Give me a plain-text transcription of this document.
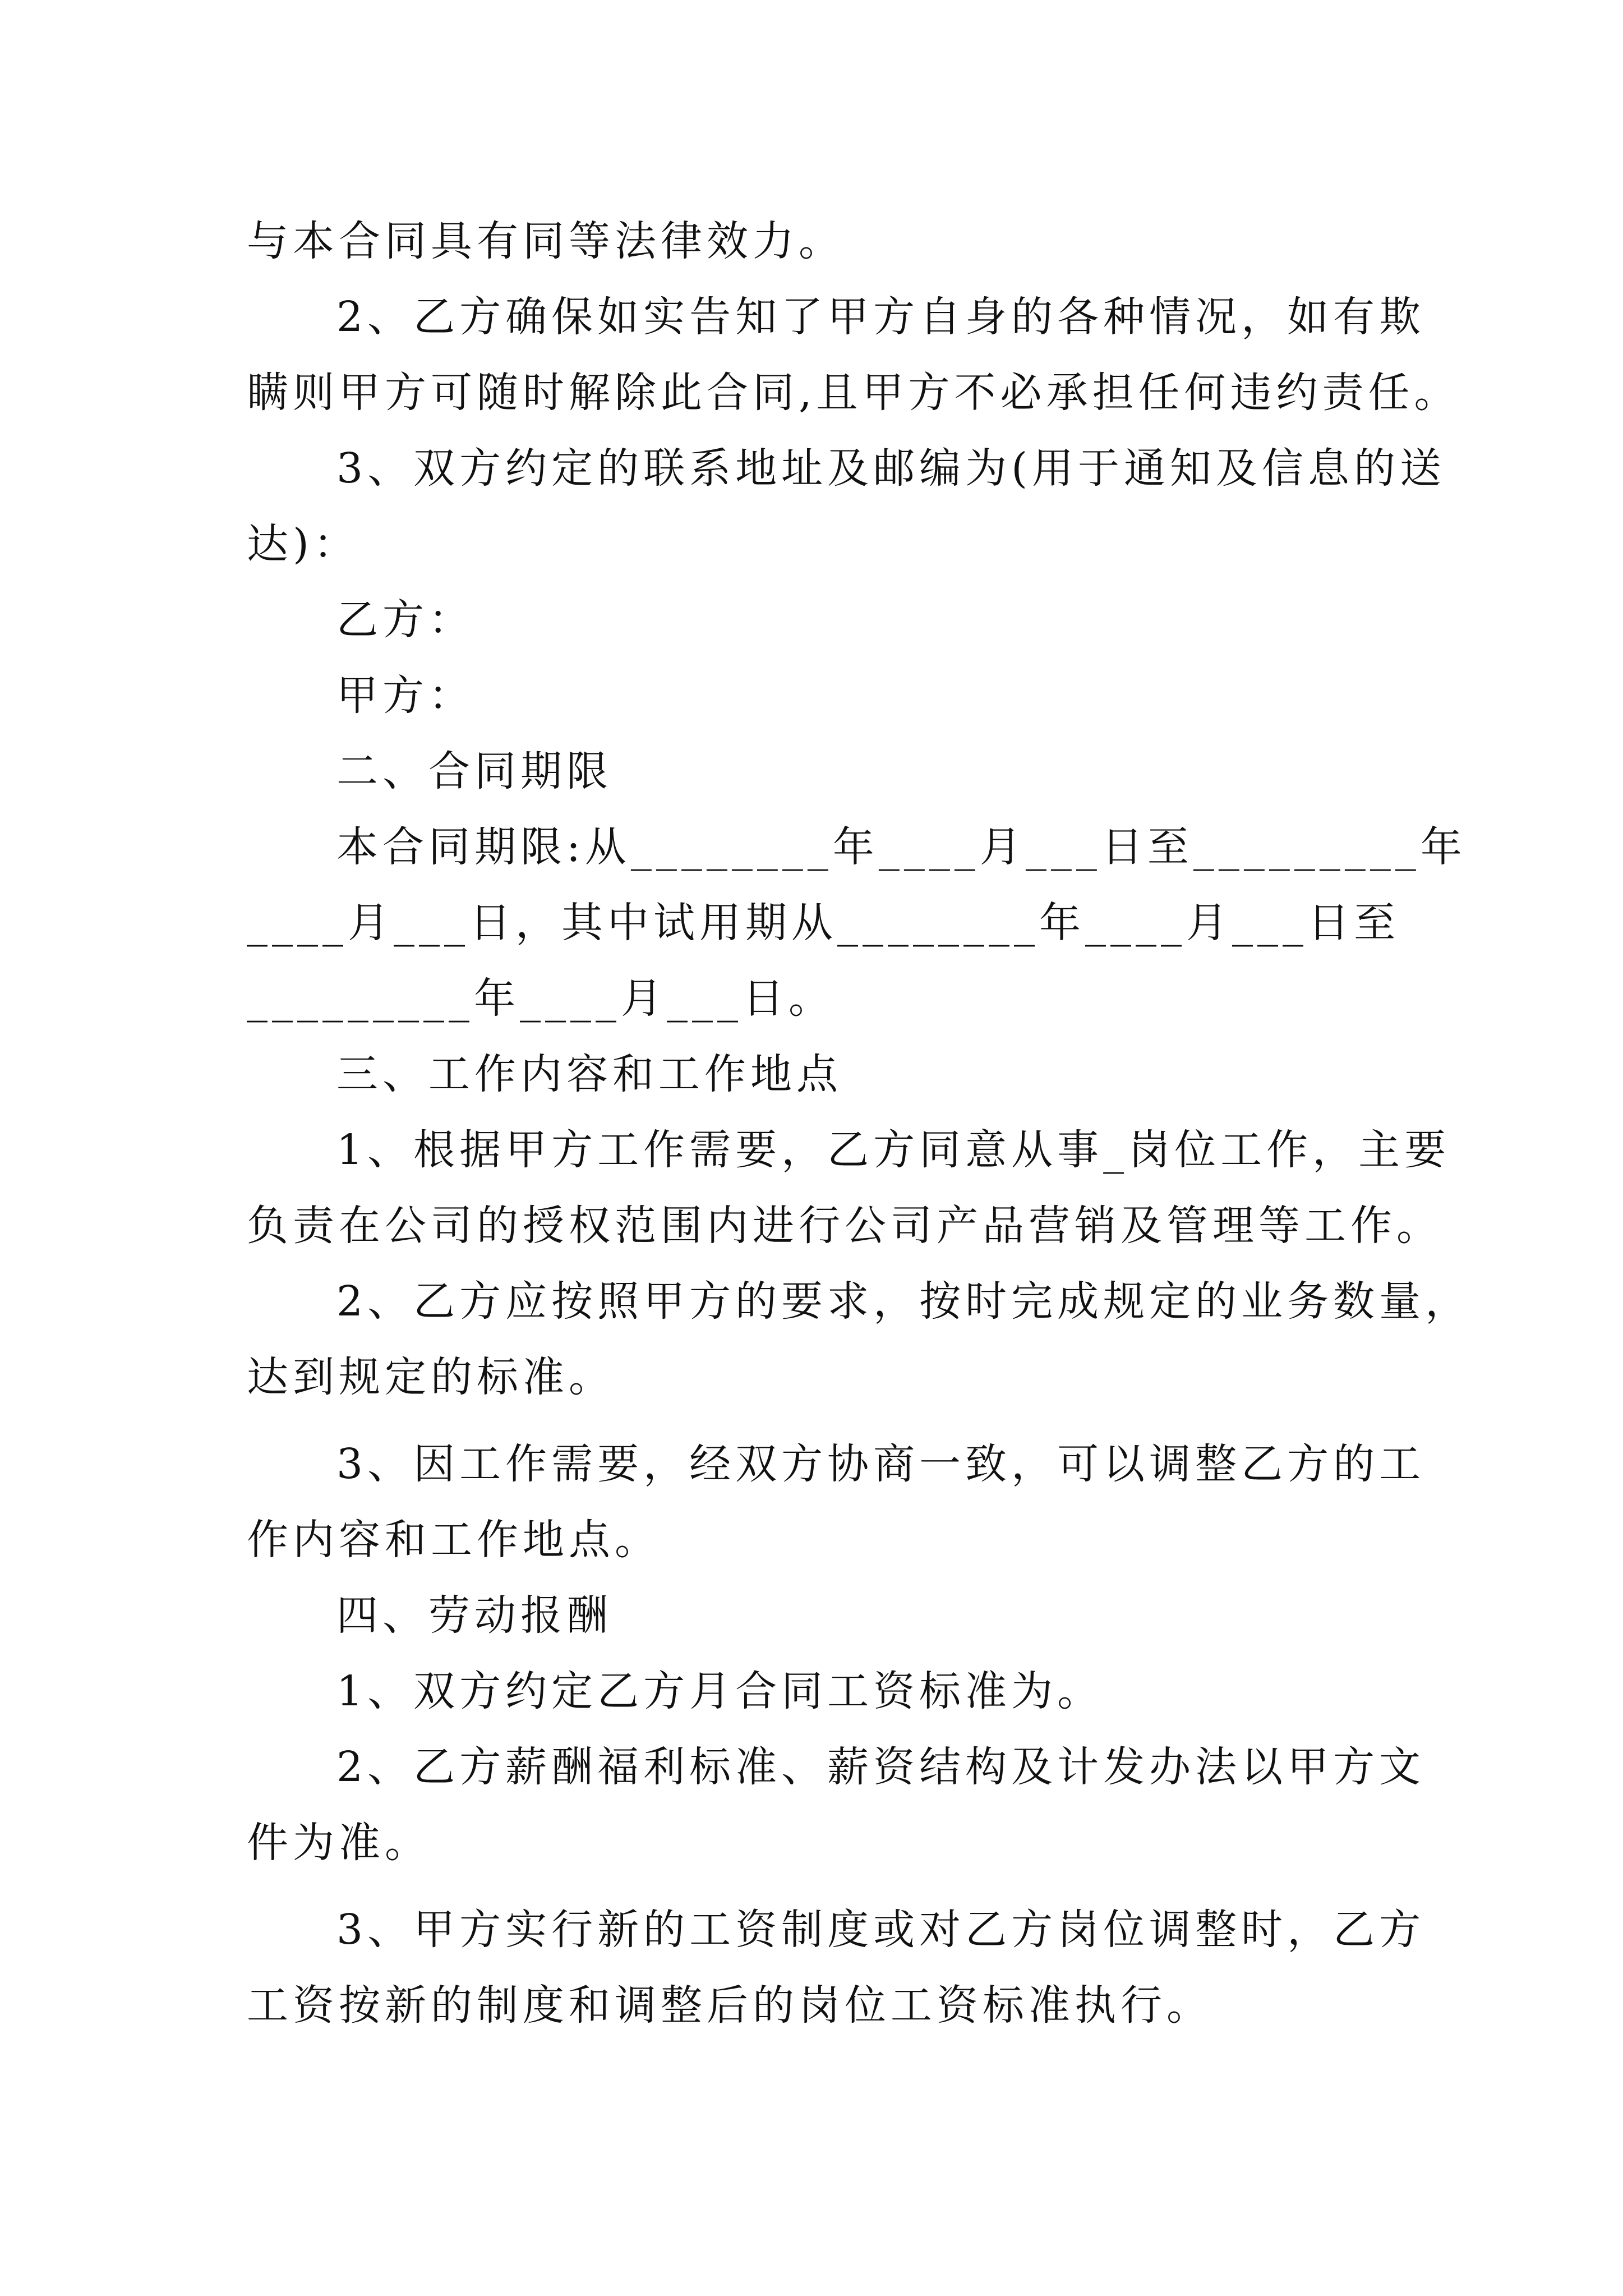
与本合同具有同等法律效力。
2、乙方确保如实告知了甲方自身的各种情况，如有欺
瞒则甲方可随时解除此合同,且甲方不必承担任何违约责任。
3、双方约定的联系地址及邮编为(用于通知及信息的送
达)：
乙方：
甲方：
二、合同期限
本合同期限:从________年____月___日至_________年
____月___日，其中试用期从________年____月___日至
_________年____月___日。
三、工作内容和工作地点
1、根据甲方工作需要，乙方同意从事_岗位工作，主要
负责在公司的授权范围内进行公司产品营销及管理等工作。
2、乙方应按照甲方的要求，按时完成规定的业务数量，
达到规定的标准。
3、因工作需要，经双方协商一致，可以调整乙方的工
作内容和工作地点。
四、劳动报酬
1、双方约定乙方月合同工资标准为。
2、乙方薪酬福利标准、薪资结构及计发办法以甲方文
件为准。
3、甲方实行新的工资制度或对乙方岗位调整时，乙方
工资按新的制度和调整后的岗位工资标准执行。
